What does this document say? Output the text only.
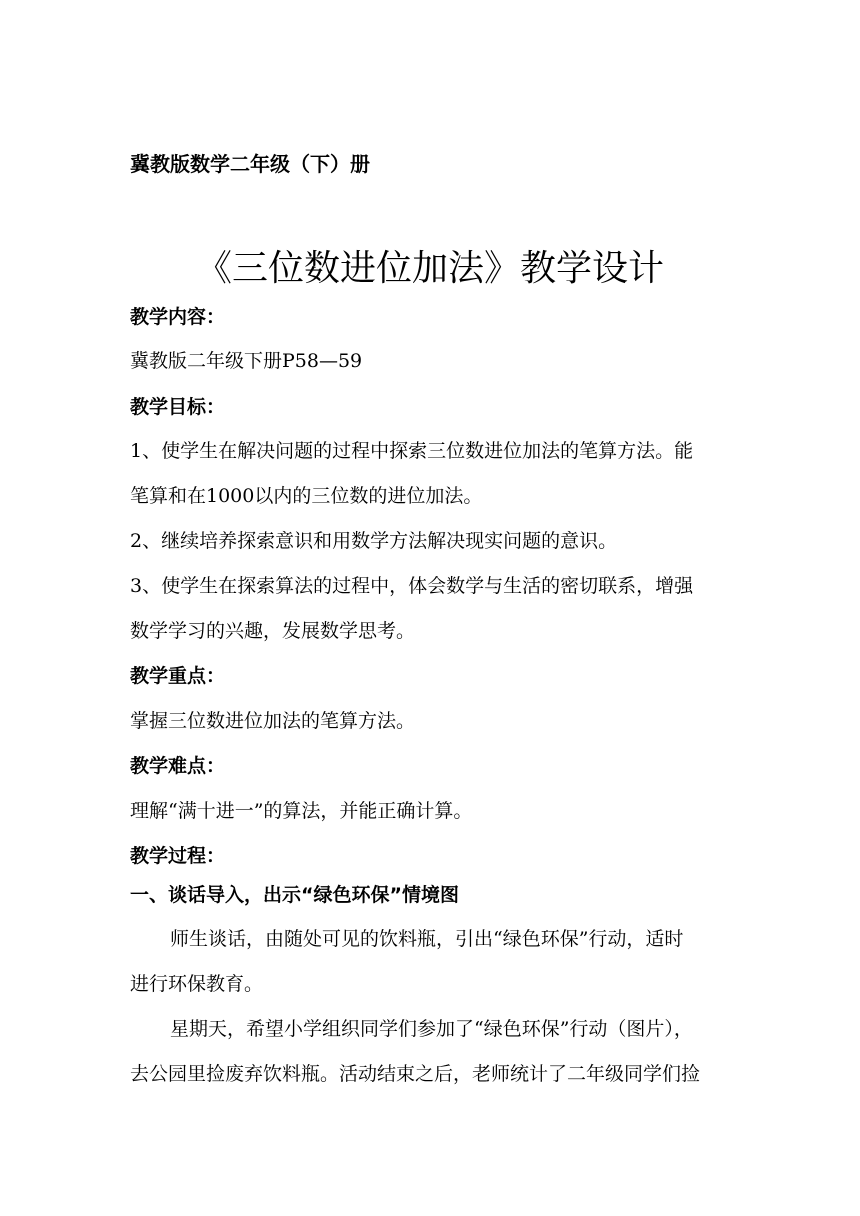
冀教版数学二年级（下）册
《三位数进位加法》教学设计
教学内容：
冀教版二年级下册P58—59
教学目标：
1、使学生在解决问题的过程中探索三位数进位加法的笔算方法。能
笔算和在1000以内的三位数的进位加法。
2、继续培养探索意识和用数学方法解决现实问题的意识。
3、使学生在探索算法的过程中，体会数学与生活的密切联系，增强
数学学习的兴趣，发展数学思考。
教学重点：
掌握三位数进位加法的笔算方法。
教学难点：
理解“满十进一”的算法，并能正确计算。
教学过程：
一、谈话导入，出示“绿色环保”情境图
师生谈话，由随处可见的饮料瓶，引出“绿色环保”行动，适时
进行环保教育。
星期天，希望小学组织同学们参加了“绿色环保”行动（图片），
去公园里捡废弃饮料瓶。活动结束之后，老师统计了二年级同学们捡
